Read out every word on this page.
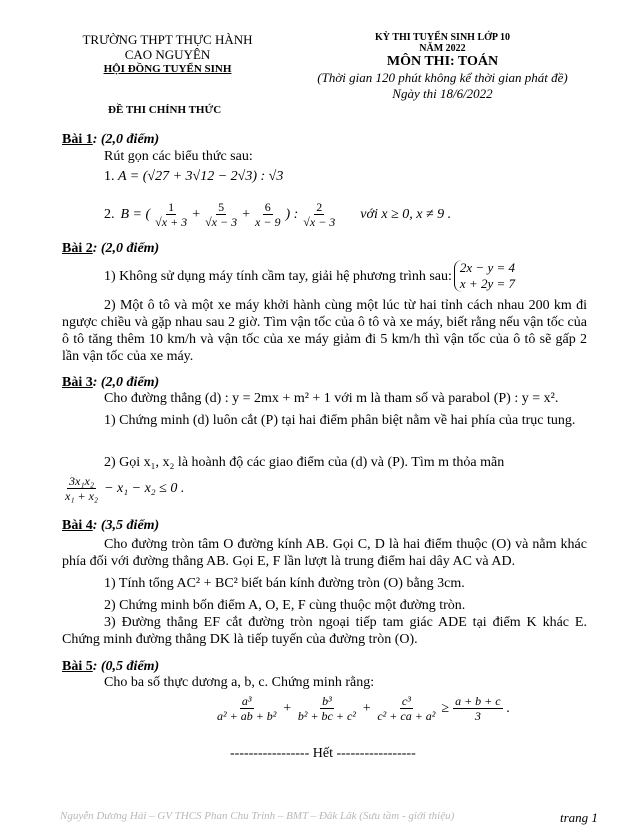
TRƯỜNG THPT THỰC HÀNH
CAO NGUYÊN
HỘI ĐỒNG TUYỂN SINH
ĐỀ THI CHÍNH THỨC
KỲ THI TUYỂN SINH LỚP 10
NĂM 2022
MÔN THI: TOÁN
(Thời gian 120 phút không kể thời gian phát đề)
Ngày thi 18/6/2022
Bài 1: (2,0 điểm)
Rút gọn các biểu thức sau:
1. A = (√27 + 3√12 − 2√3) : √3
2. B = ( $\frac{1}{√x + 3} + \frac{5}{√x - 3} + \frac{6}{x - 9}$ ) : $\frac{2}{√x - 3}$ với x ≥ 0, x ≠ 9 .
Bài 2: (2,0 điểm)
1) Không sử dụng máy tính cầm tay, giải hệ phương trình sau:
2x − y = 4
x + 2y = 7
2) Một ô tô và một xe máy khởi hành cùng một lúc từ hai tỉnh cách nhau 200 km đi ngược chiều và gặp nhau sau 2 giờ. Tìm vận tốc của ô tô và xe máy, biết rằng nếu vận tốc của ô tô tăng thêm 10 km/h và vận tốc của xe máy giảm đi 5 km/h thì vận tốc của ô tô sẽ gấp 2 lần vận tốc của xe máy.
Bài 3: (2,0 điểm)
Cho đường thẳng (d) : y = 2mx + m² + 1 với m là tham số và parabol (P) : y = x².
1) Chứng minh (d) luôn cắt (P) tại hai điểm phân biệt nằm về hai phía của trục tung.
2) Gọi x₁, x₂ là hoành độ các giao điểm của (d) và (P). Tìm m thỏa mãn
$\frac{\text{3x₁x₂}}{\text{x₁ + x₂}} - x_1 - x_2 \le 0$ .
Bài 4: (3,5 điểm)
Cho đường tròn tâm O đường kính AB. Gọi C, D là hai điểm thuộc (O) và nằm khác phía đối với đường thẳng AB. Gọi E, F lần lượt là trung điểm hai dây AC và AD.
1) Tính tổng AC² + BC² biết bán kính đường tròn (O) bằng 3cm.
2) Chứng minh bốn điểm A, O, E, F cùng thuộc một đường tròn.
3) Đường thẳng EF cắt đường tròn ngoại tiếp tam giác ADE tại điểm K khác E. Chứng minh đường thẳng DK là tiếp tuyến của đường tròn (O).
Bài 5: (0,5 điểm)
Cho ba số thực dương a, b, c. Chứng minh rằng:
$\frac{\text{a³}}{\text{a² + ab + b²}} + \frac{\text{b³}}{\text{b² + bc + c²}} + \frac{\text{c³}}{\text{c² + ca + a²}} \ge \frac{a + b + c}{3}$ .
----------------- Hết -----------------
Nguyễn Dương Hải – GV THCS Phan Chu Trinh – BMT – Đăk Lăk (Sưu tầm - giới thiệu)	trang 1
